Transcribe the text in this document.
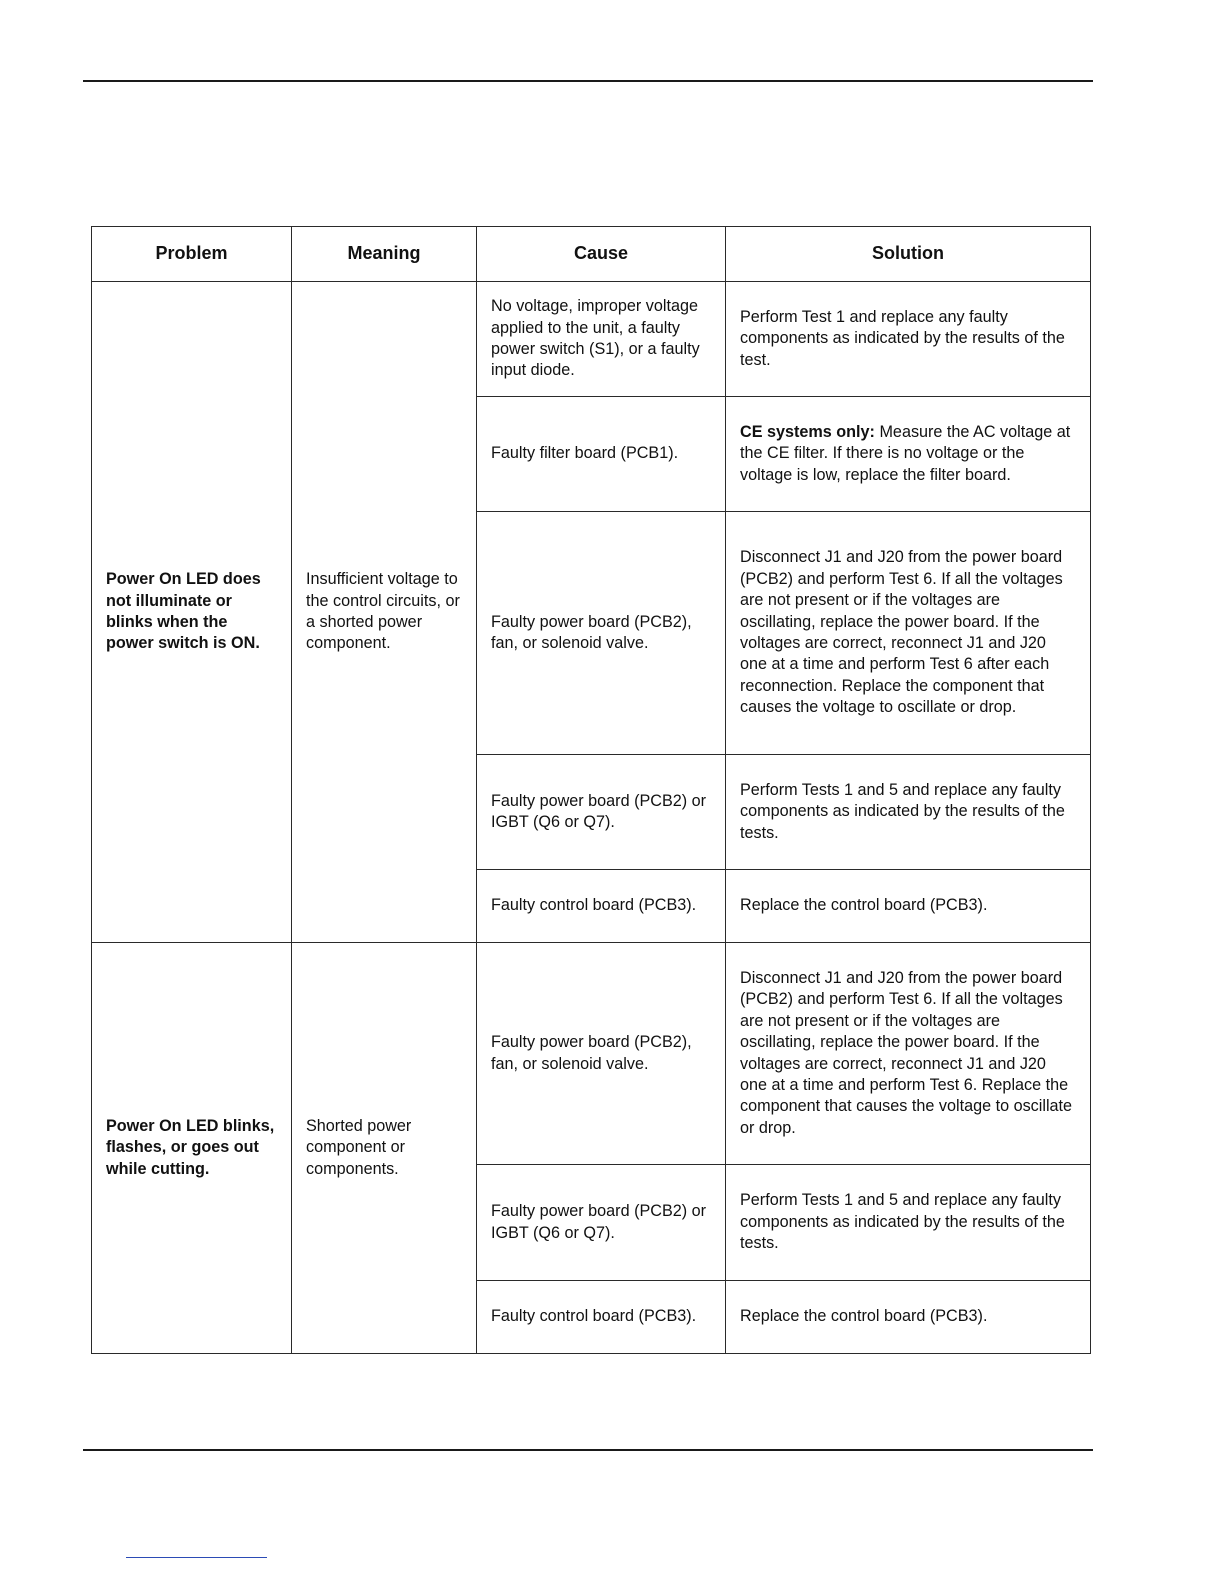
Problem	Meaning	Cause	Solution
Power On LED does not illuminate or blinks when the power switch is ON.	Insufficient voltage to the control circuits, or a shorted power component.	No voltage, improper voltage applied to the unit, a faulty power switch (S1), or a faulty input diode.	Perform Test 1 and replace any faulty components as indicated by the results of the test.
		Faulty filter board (PCB1).	CE systems only: Measure the AC voltage at the CE filter. If there is no voltage or the voltage is low, replace the filter board.
		Faulty power board (PCB2), fan, or solenoid valve.	Disconnect J1 and J20 from the power board (PCB2) and perform Test 6. If all the voltages are not present or if the voltages are oscillating, replace the power board. If the voltages are correct, reconnect J1 and J20 one at a time and perform Test 6 after each reconnection. Replace the component that causes the voltage to oscillate or drop.
		Faulty power board (PCB2) or IGBT (Q6 or Q7).	Perform Tests 1 and 5 and replace any faulty components as indicated by the results of the tests.
		Faulty control board (PCB3).	Replace the control board (PCB3).
Power On LED blinks, flashes, or goes out while cutting.	Shorted power component or components.	Faulty power board (PCB2), fan, or solenoid valve.	Disconnect J1 and J20 from the power board (PCB2) and perform Test 6. If all the voltages are not present or if the voltages are oscillating, replace the power board. If the voltages are correct, reconnect J1 and J20 one at a time and perform Test 6. Replace the component that causes the voltage to oscillate or drop.
		Faulty power board (PCB2) or IGBT (Q6 or Q7).	Perform Tests 1 and 5 and replace any faulty components as indicated by the results of the tests.
		Faulty control board (PCB3).	Replace the control board (PCB3).
